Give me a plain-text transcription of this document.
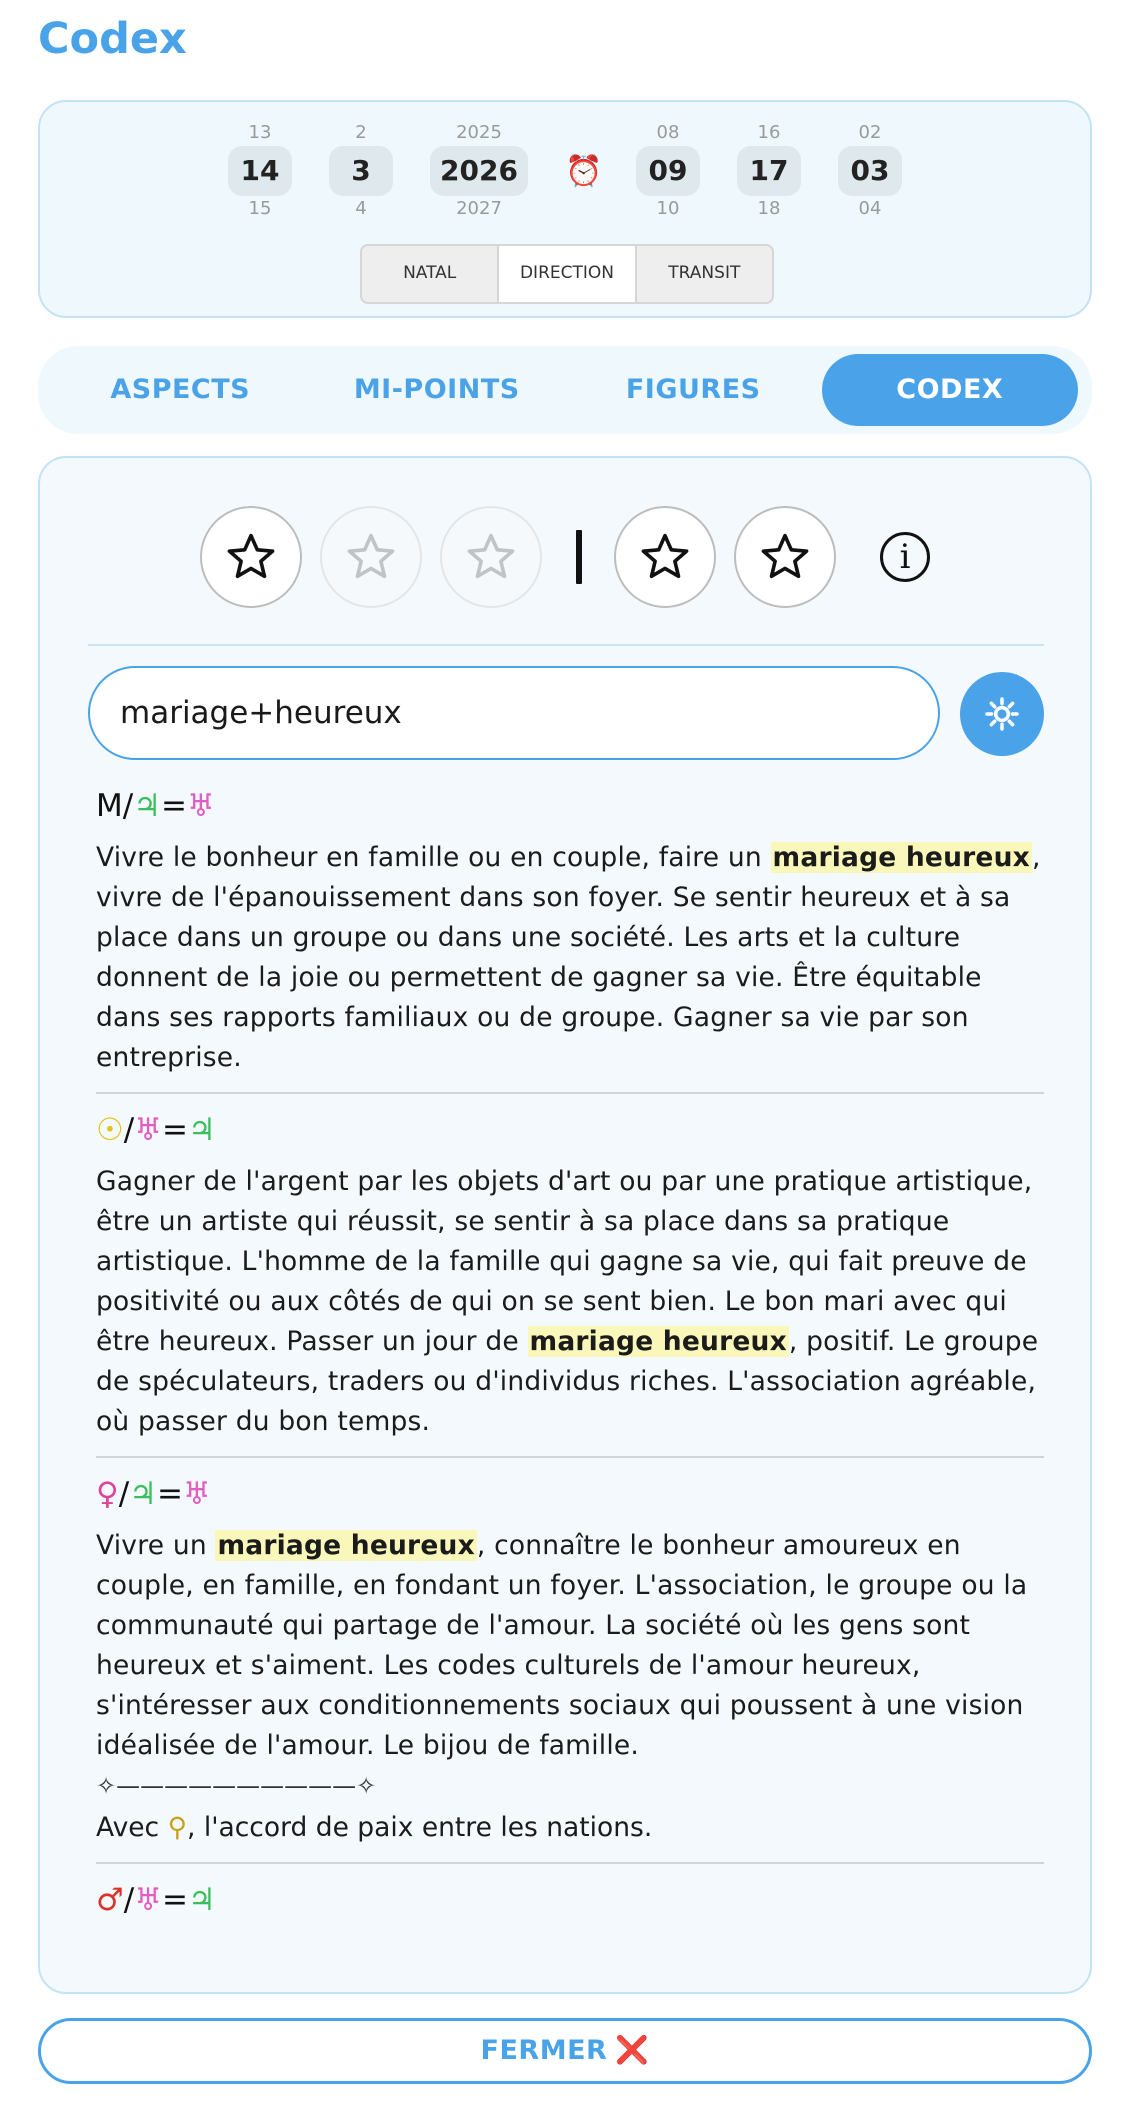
Codex
13
14
15
2
3
4
2025
2026
2027
⏰
08
09
10
16
17
18
02
03
04
NATAL	DIRECTION	TRANSIT
ASPECTS	MI-POINTS	FIGURES	CODEX
i
mariage+heureux
M/♃=♅
Vivre le bonheur en famille ou en couple, faire un mariage heureux, vivre de l'épanouissement dans son foyer. Se sentir heureux et à sa place dans un groupe ou dans une société. Les arts et la culture donnent de la joie ou permettent de gagner sa vie. Être équitable dans ses rapports familiaux ou de groupe. Gagner sa vie par son entreprise.
☉/♅=♃
Gagner de l'argent par les objets d'art ou par une pratique artistique, être un artiste qui réussit, se sentir à sa place dans sa pratique artistique. L'homme de la famille qui gagne sa vie, qui fait preuve de positivité ou aux côtés de qui on se sent bien. Le bon mari avec qui être heureux. Passer un jour de mariage heureux, positif. Le groupe de spéculateurs, traders ou d'individus riches. L'association agréable, où passer du bon temps.
♀/♃=♅
Vivre un mariage heureux, connaître le bonheur amoureux en couple, en famille, en fondant un foyer. L'association, le groupe ou la communauté qui partage de l'amour. La société où les gens sont heureux et s'aiment. Les codes culturels de l'amour heureux, s'intéresser aux conditionnements sociaux qui poussent à une vision idéalisée de l'amour. Le bijou de famille.
✧——————————✧
Avec ⚲, l'accord de paix entre les nations.
♂/♅=♃
FERMER ❌
